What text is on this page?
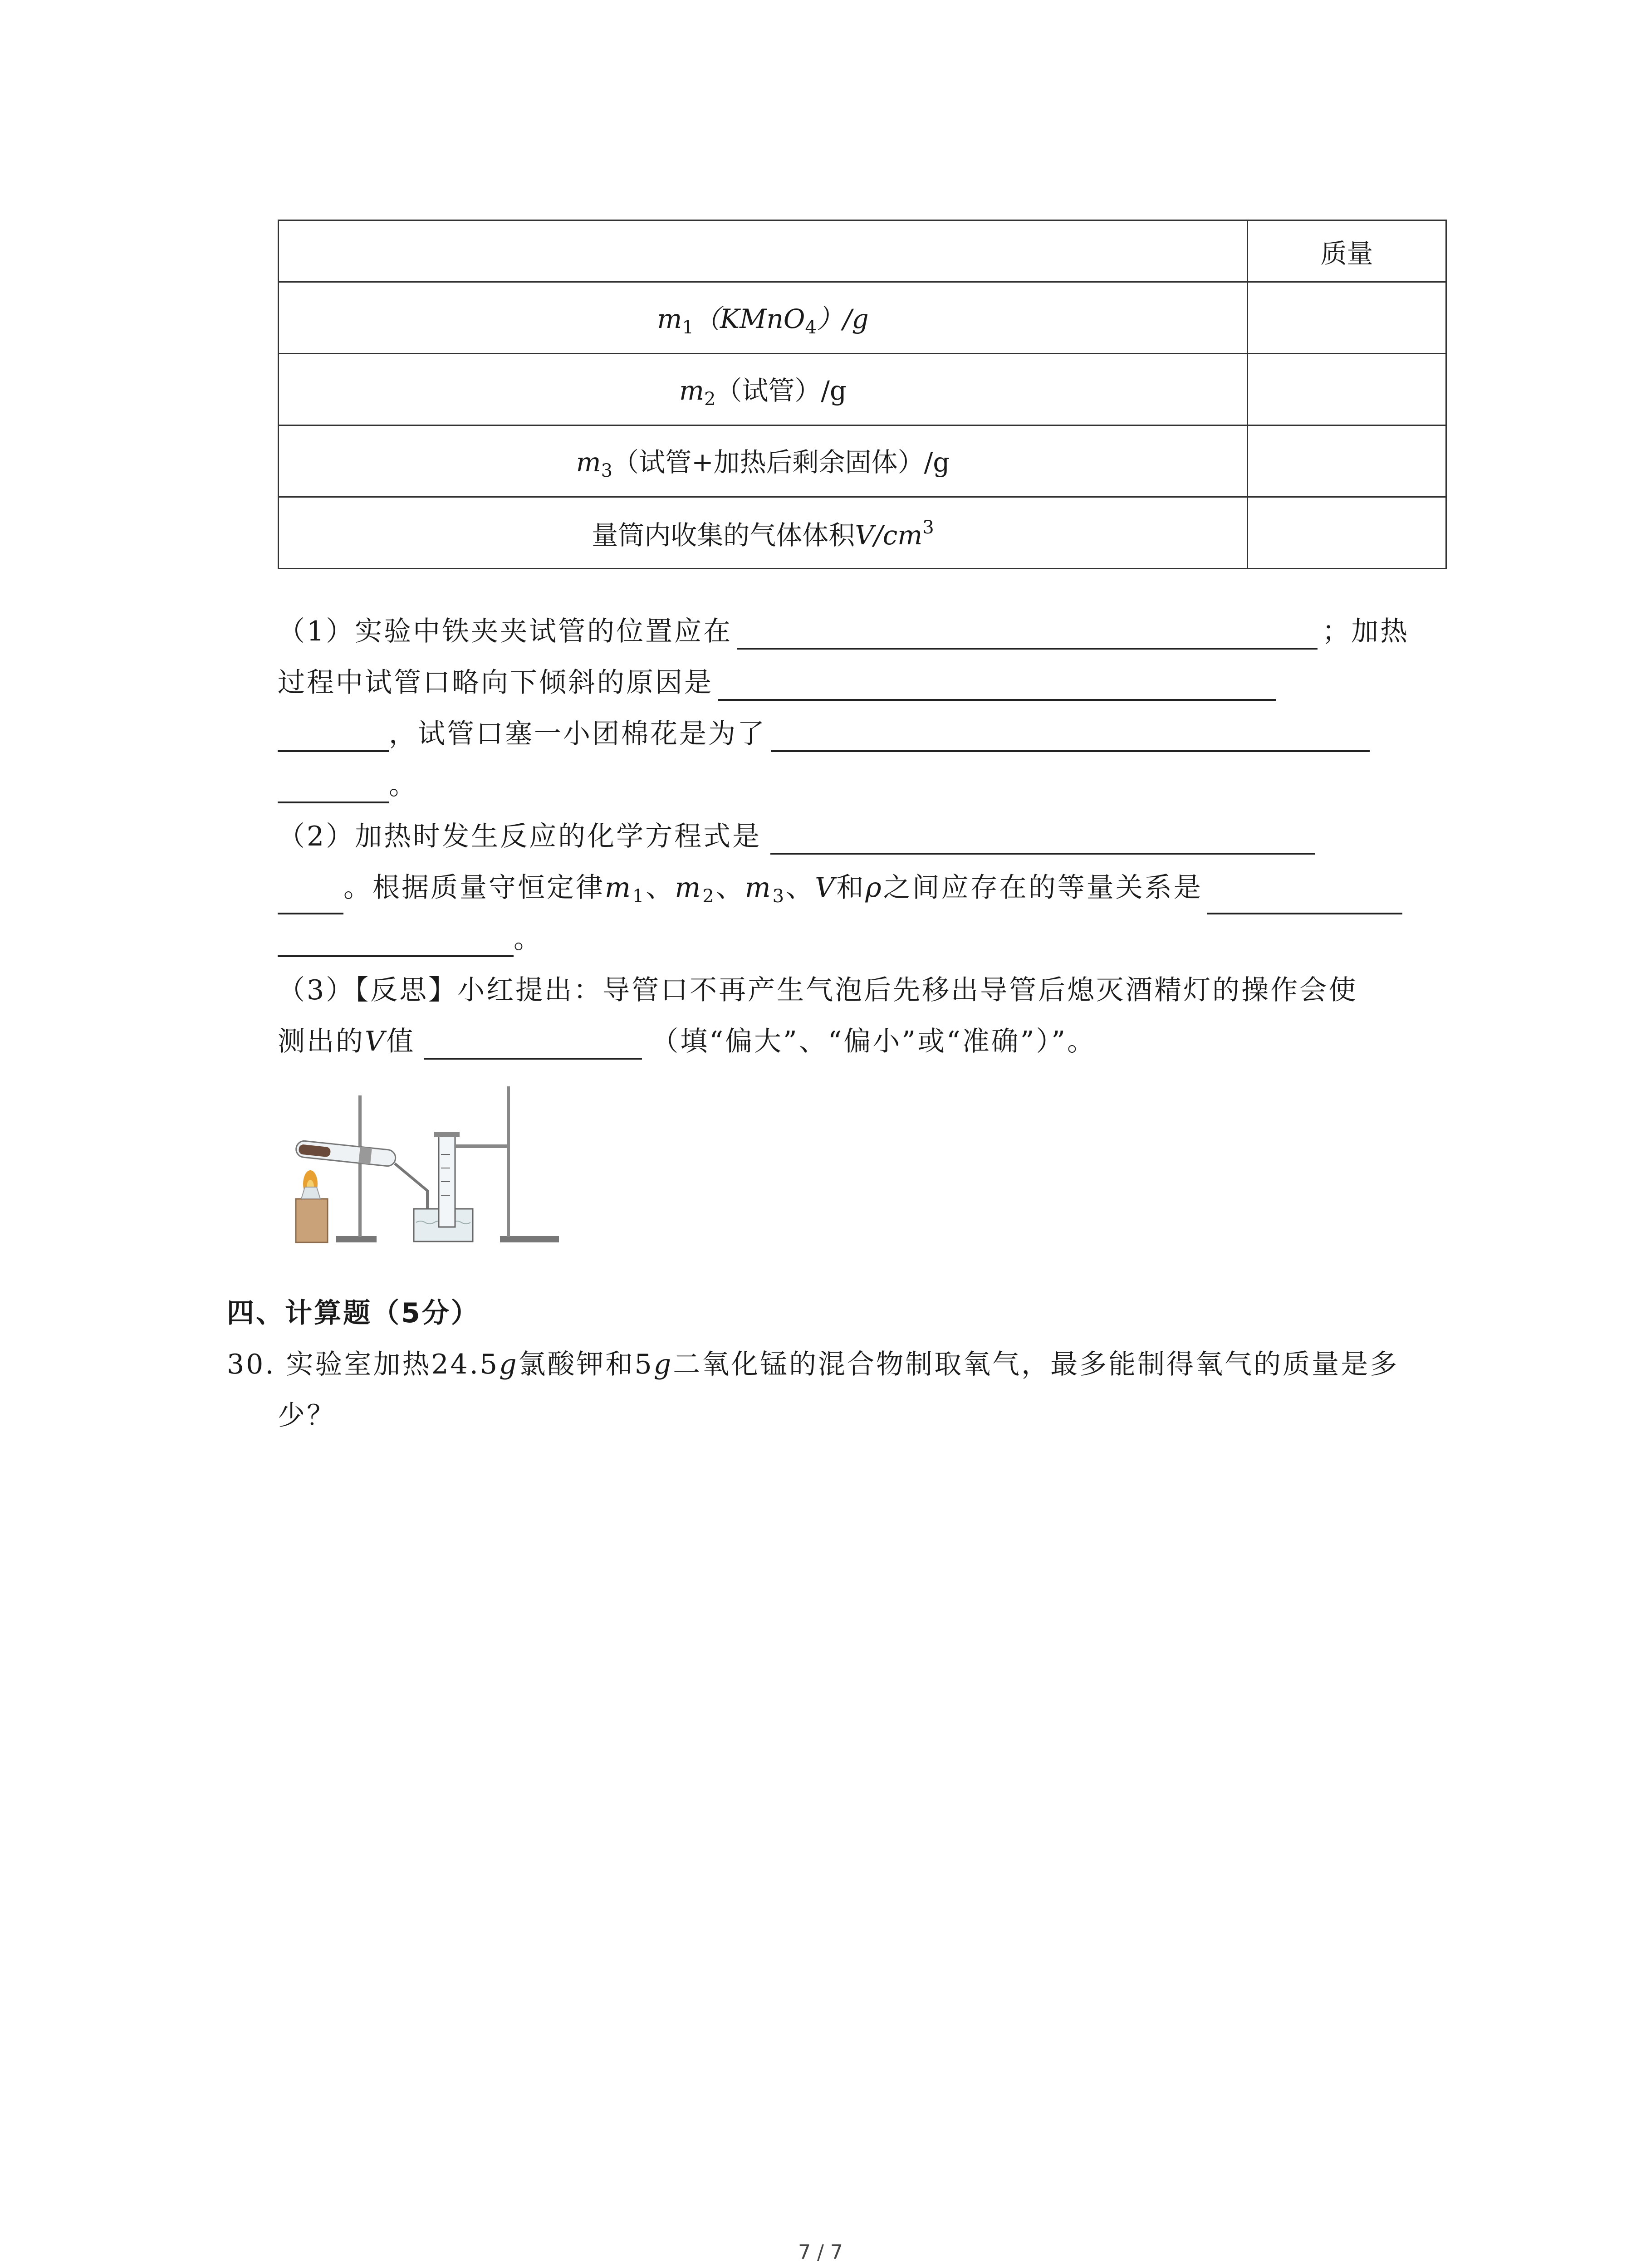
	质量
$m_1(KMnO_4)/g$	
$m_2$（试管）/g	
$m_3$（试管+加热后剩余固体）/g	
量筒内收集的气体体积$V/cm^3$	
（1）实验中铁夹夹试管的位置应在	；加热
过程中试管口略向下倾斜的原因是
，试管口塞一小团棉花是为了
。
（2）加热时发生反应的化学方程式是
。根据质量守恒定律$m_1$、$m_2$、$m_3$、V和ρ之间应存在的等量关系是
。
（3）【反思】小红提出：导管口不再产生气泡后先移出导管后熄灭酒精灯的操作会使
测出的V值	（填“偏大”、“偏小”或“准确”）”。
四、计算题（5分）
30. 实验室加热24.5g氯酸钾和5g二氧化锰的混合物制取氧气，最多能制得氧气的质量是多
少？
7 / 7
